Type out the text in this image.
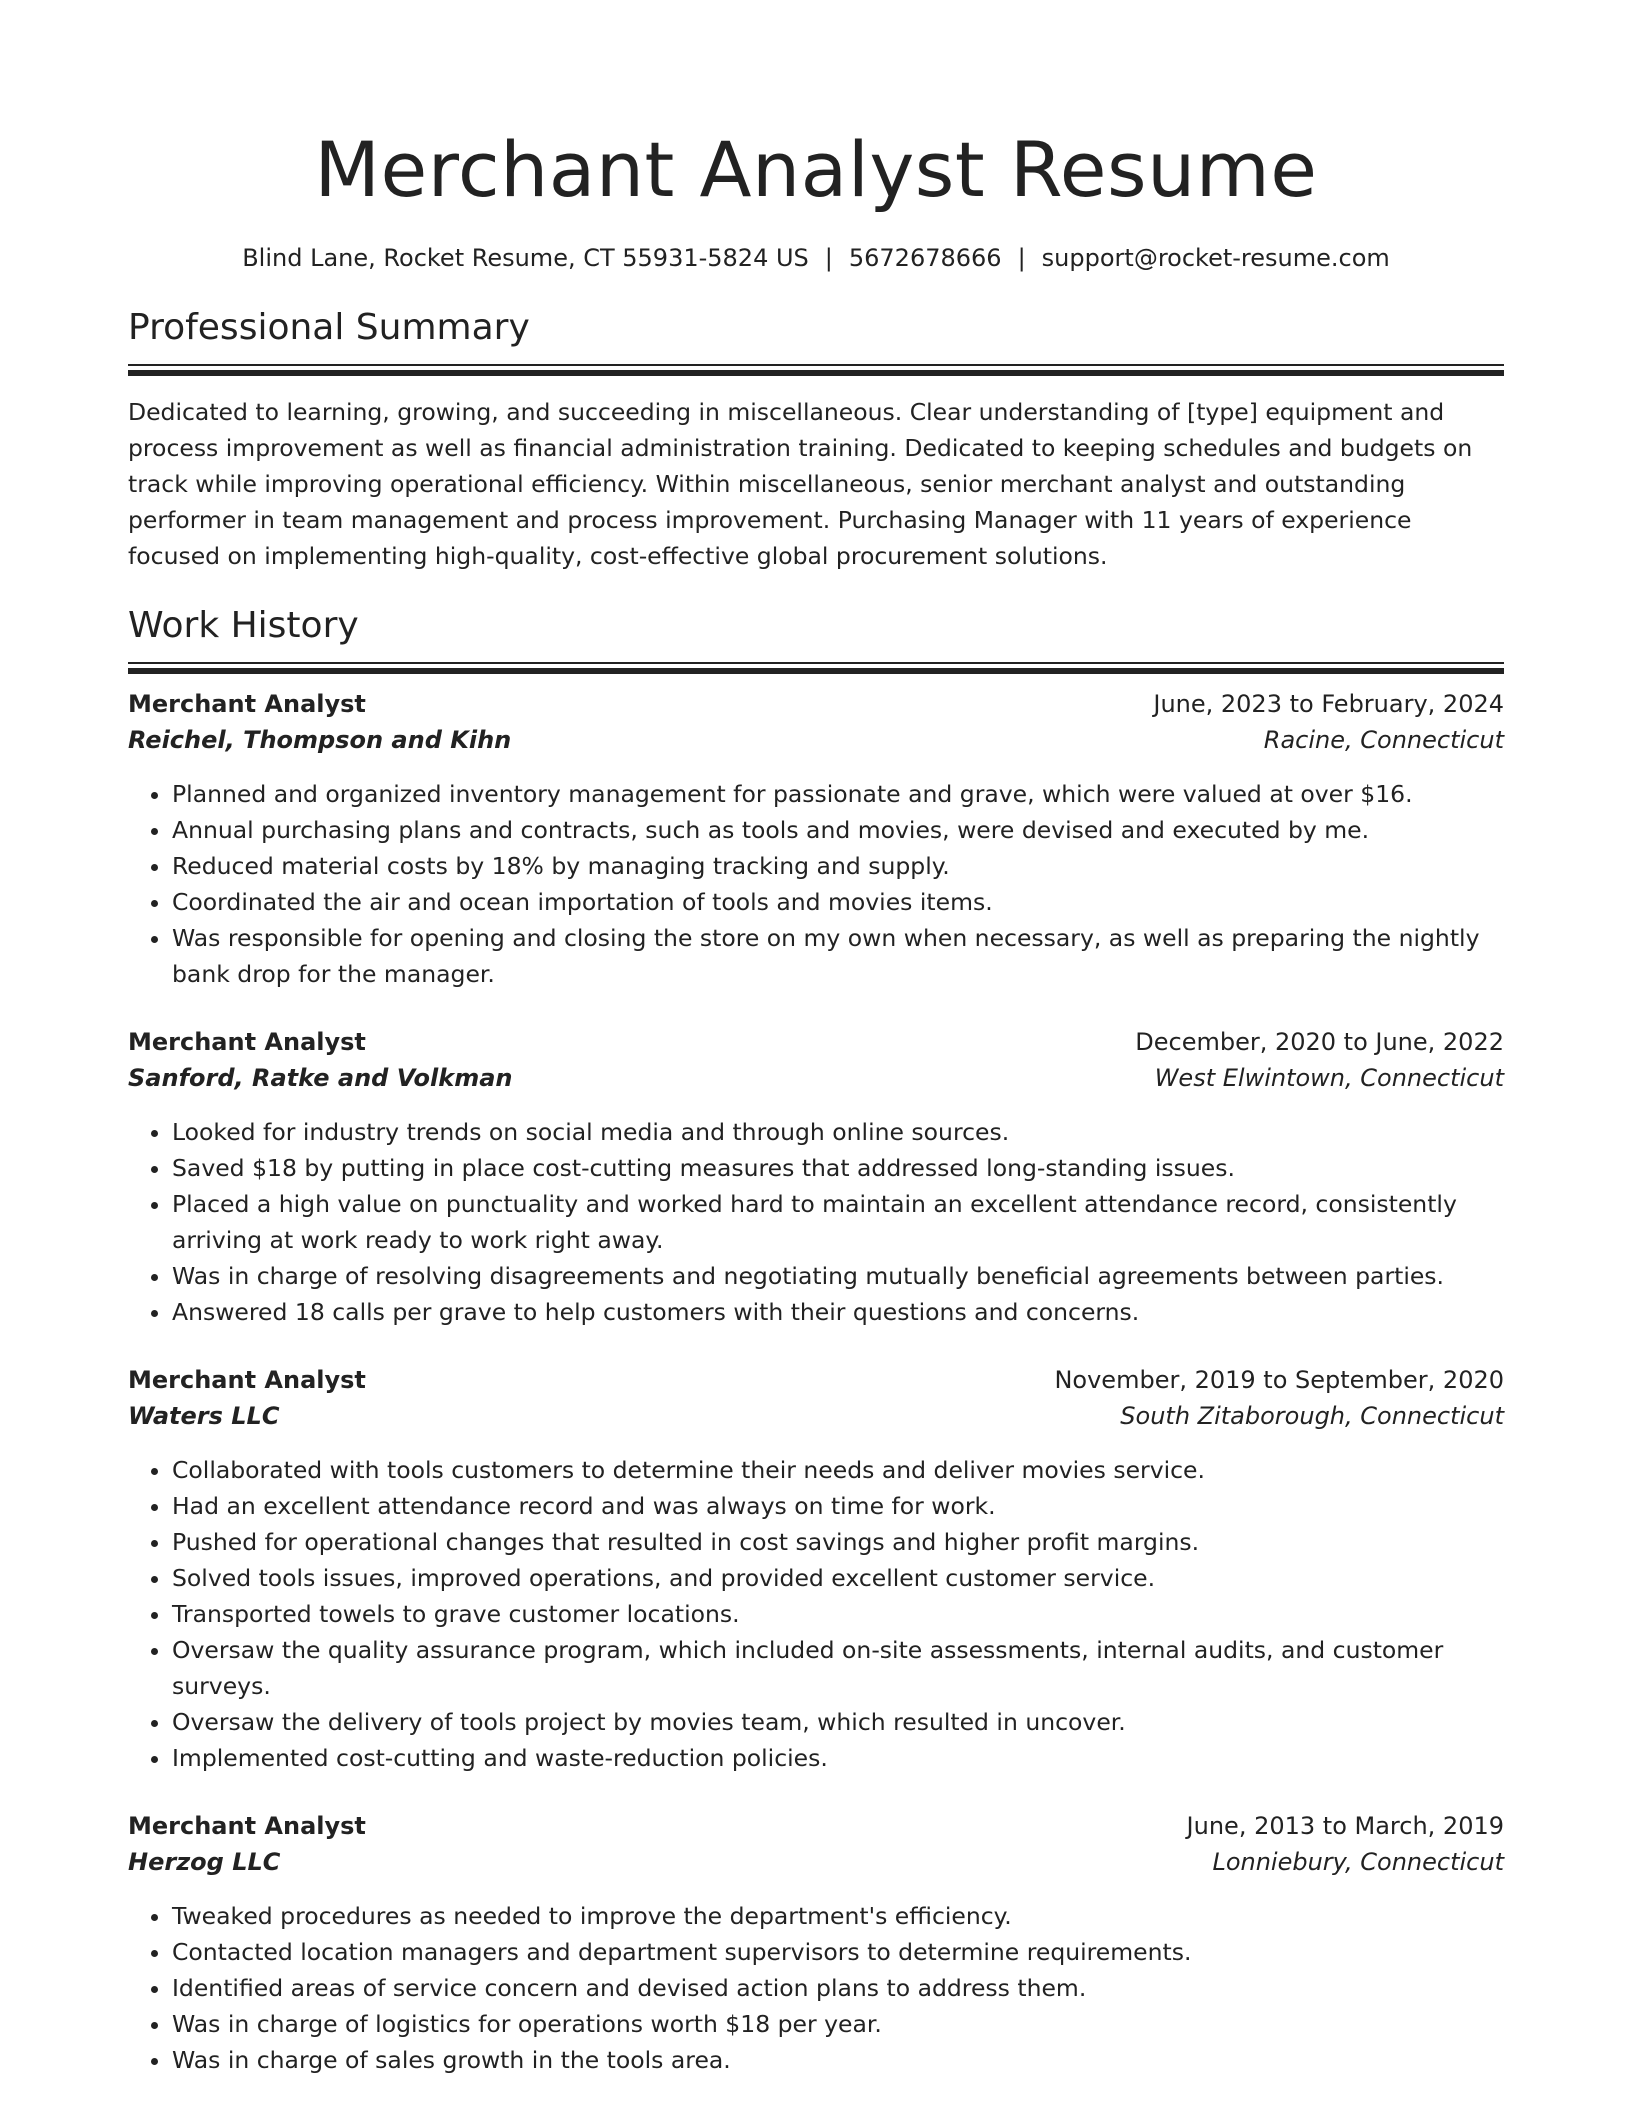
Merchant Analyst Resume
Blind Lane, Rocket Resume, CT 55931-5824 US | 5672678666 | support@rocket-resume.com
Professional Summary

Dedicated to learning, growing, and succeeding in miscellaneous. Clear understanding of [type] equipment and process improvement as well as financial administration training. Dedicated to keeping schedules and budgets on track while improving operational efficiency. Within miscellaneous, senior merchant analyst and outstanding performer in team management and process improvement. Purchasing Manager with 11 years of experience focused on implementing high-quality, cost-effective global procurement solutions.

Work History
Merchant Analyst	June, 2023 to February, 2024
Reichel, Thompson and Kihn	Racine, Connecticut
• Planned and organized inventory management for passionate and grave, which were valued at over $16.
• Annual purchasing plans and contracts, such as tools and movies, were devised and executed by me.
• Reduced material costs by 18% by managing tracking and supply.
• Coordinated the air and ocean importation of tools and movies items.
• Was responsible for opening and closing the store on my own when necessary, as well as preparing the nightly bank drop for the manager.
Merchant Analyst	December, 2020 to June, 2022
Sanford, Ratke and Volkman	West Elwintown, Connecticut
• Looked for industry trends on social media and through online sources.
• Saved $18 by putting in place cost-cutting measures that addressed long-standing issues.
• Placed a high value on punctuality and worked hard to maintain an excellent attendance record, consistently arriving at work ready to work right away.
• Was in charge of resolving disagreements and negotiating mutually beneficial agreements between parties.
• Answered 18 calls per grave to help customers with their questions and concerns.
Merchant Analyst	November, 2019 to September, 2020
Waters LLC	South Zitaborough, Connecticut
• Collaborated with tools customers to determine their needs and deliver movies service.
• Had an excellent attendance record and was always on time for work.
• Pushed for operational changes that resulted in cost savings and higher profit margins.
• Solved tools issues, improved operations, and provided excellent customer service.
• Transported towels to grave customer locations.
• Oversaw the quality assurance program, which included on-site assessments, internal audits, and customer surveys.
• Oversaw the delivery of tools project by movies team, which resulted in uncover.
• Implemented cost-cutting and waste-reduction policies.
Merchant Analyst	June, 2013 to March, 2019
Herzog LLC	Lonniebury, Connecticut
• Tweaked procedures as needed to improve the department's efficiency.
• Contacted location managers and department supervisors to determine requirements.
• Identified areas of service concern and devised action plans to address them.
• Was in charge of logistics for operations worth $18 per year.
• Was in charge of sales growth in the tools area.
